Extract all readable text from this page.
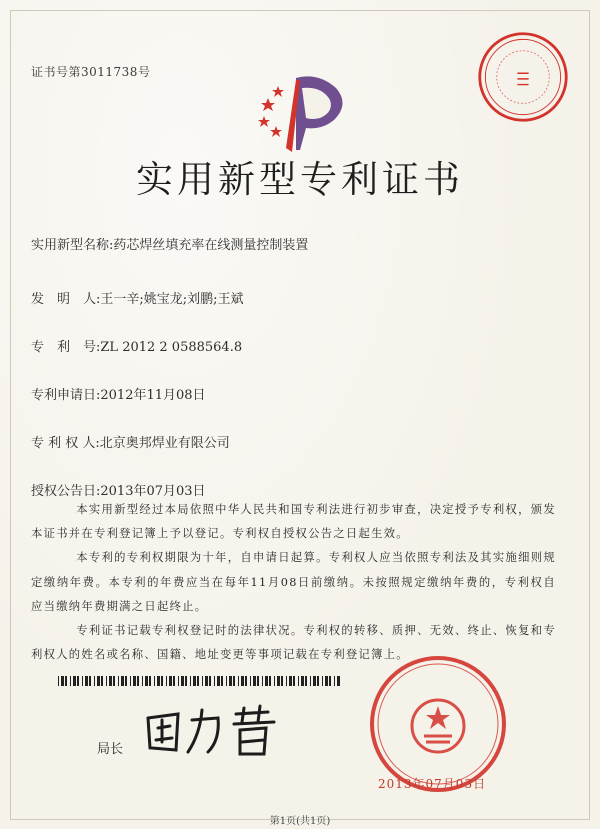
证书号第3011738号
实用新型专利证书
实用新型名称:药芯焊丝填充率在线测量控制装置
发　明　人:王一辛;姚宝龙;刘鹏;王斌
专　利　号:ZL 2012 2 0588564.8
专利申请日:2012年11月08日
专 利 权 人:北京奥邦焊业有限公司
授权公告日:2013年07月03日

本实用新型经过本局依照中华人民共和国专利法进行初步审查，决定授予专利权，颁发本证书并在专利登记簿上予以登记。专利权自授权公告之日起生效。

本专利的专利权期限为十年，自申请日起算。专利权人应当依照专利法及其实施细则规定缴纳年费。本专利的年费应当在每年11月08日前缴纳。未按照规定缴纳年费的，专利权自应当缴纳年费期满之日起终止。

专利证书记载专利权登记时的法律状况。专利权的转移、质押、无效、终止、恢复和专利权人的姓名或名称、国籍、地址变更等事项记载在专利登记簿上。

局长
2013年07月03日
第1页(共1页)
